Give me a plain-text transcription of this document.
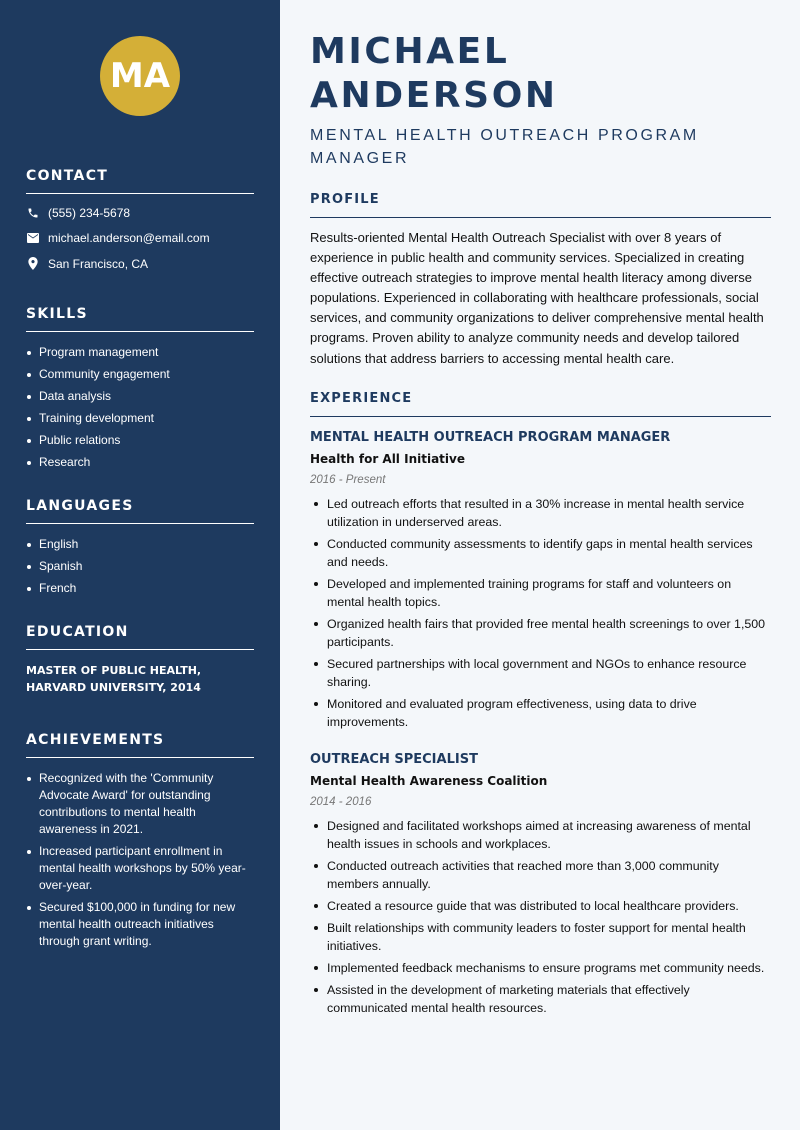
MA
CONTACT
(555) 234-5678
michael.anderson@email.com
San Francisco, CA
SKILLS
Program management
Community engagement
Data analysis
Training development
Public relations
Research
LANGUAGES
English
Spanish
French
EDUCATION
MASTER OF PUBLIC HEALTH, HARVARD UNIVERSITY, 2014
ACHIEVEMENTS
Recognized with the 'Community Advocate Award' for outstanding contributions to mental health awareness in 2021.
Increased participant enrollment in mental health workshops by 50% year-over-year.
Secured $100,000 in funding for new mental health outreach initiatives through grant writing.
MICHAEL ANDERSON
MENTAL HEALTH OUTREACH PROGRAM MANAGER
PROFILE

Results-oriented Mental Health Outreach Specialist with over 8 years of experience in public health and community services. Specialized in creating effective outreach strategies to improve mental health literacy among diverse populations. Experienced in collaborating with healthcare professionals, social services, and community organizations to deliver comprehensive mental health programs. Proven ability to analyze community needs and develop tailored solutions that address barriers to accessing mental health care.

EXPERIENCE
MENTAL HEALTH OUTREACH PROGRAM MANAGER
Health for All Initiative
2016 - Present
Led outreach efforts that resulted in a 30% increase in mental health service utilization in underserved areas.
Conducted community assessments to identify gaps in mental health services and needs.
Developed and implemented training programs for staff and volunteers on mental health topics.
Organized health fairs that provided free mental health screenings to over 1,500 participants.
Secured partnerships with local government and NGOs to enhance resource sharing.
Monitored and evaluated program effectiveness, using data to drive improvements.
OUTREACH SPECIALIST
Mental Health Awareness Coalition
2014 - 2016
Designed and facilitated workshops aimed at increasing awareness of mental health issues in schools and workplaces.
Conducted outreach activities that reached more than 3,000 community members annually.
Created a resource guide that was distributed to local healthcare providers.
Built relationships with community leaders to foster support for mental health initiatives.
Implemented feedback mechanisms to ensure programs met community needs.
Assisted in the development of marketing materials that effectively communicated mental health resources.
